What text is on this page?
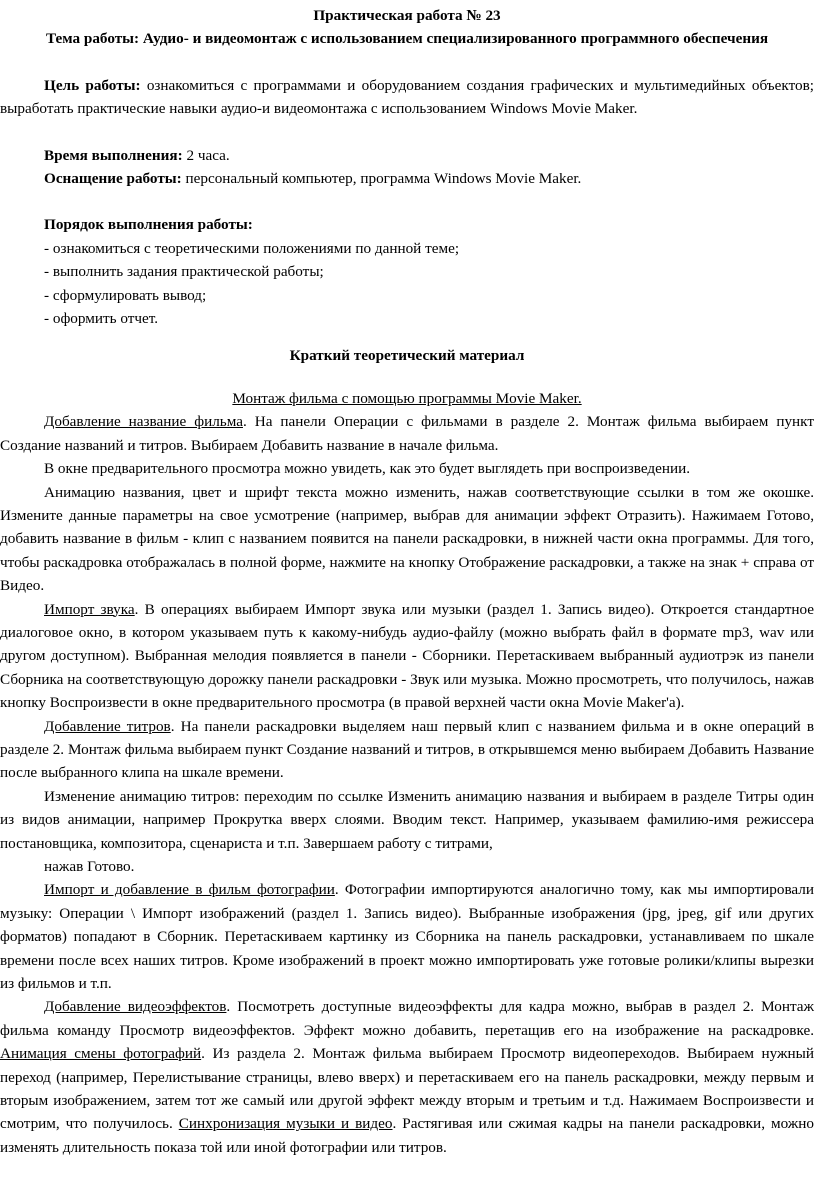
Практическая работа № 23
Тема работы: Аудио- и видеомонтаж с использованием специализированного программного обеспечения

Цель работы: ознакомиться с программами и оборудованием создания графических и мультимедийных объектов; выработать практические навыки аудио-и видеомонтажа с использованием Windows Movie Maker.

Время выполнения: 2 часа.

Оснащение работы: персональный компьютер, программа Windows Movie Maker.

Порядок выполнения работы:

- ознакомиться с теоретическими положениями по данной теме;
- выполнить задания практической работы;
- сформулировать вывод;
- оформить отчет.
Краткий теоретический материал
Монтаж фильма с помощью программы Movie Maker.

Добавление название фильма. На панели Операции с фильмами в разделе 2. Монтаж фильма выбираем пункт Создание названий и титров. Выбираем Добавить название в начале фильма.

В окне предварительного просмотра можно увидеть, как это будет выглядеть при воспроизведении.

Анимацию названия, цвет и шрифт текста можно изменить, нажав соответствующие ссылки в том же окошке. Измените данные параметры на свое усмотрение (например, выбрав для анимации эффект Отразить). Нажимаем Готово, добавить название в фильм - клип с названием появится на панели раскадровки, в нижней части окна программы. Для того, чтобы раскадровка отображалась в полной форме, нажмите на кнопку Отображение раскадровки, а также на знак + справа от Видео.

Импорт звука. В операциях выбираем Импорт звука или музыки (раздел 1. Запись видео). Откроется стандартное диалоговое окно, в котором указываем путь к какому-нибудь аудио-файлу (можно выбрать файл в формате mp3, wav или другом доступном). Выбранная мелодия появляется в панели - Сборники. Перетаскиваем выбранный аудиотрэк из панели Сборника на соответствующую дорожку панели раскадровки - Звук или музыка. Можно просмотреть, что получилось, нажав кнопку Воспроизвести в окне предварительного просмотра (в правой верхней части окна Movie Maker'a).

Добавление титров. На панели раскадровки выделяем наш первый клип с названием фильма и в окне операций в разделе 2. Монтаж фильма выбираем пункт Создание названий и титров, в открывшемся меню выбираем Добавить Название после выбранного клипа на шкале времени.

Изменение анимацию титров: переходим по ссылке Изменить анимацию названия и выбираем в разделе Титры один из видов анимации, например Прокрутка вверх слоями. Вводим текст. Например, указываем фамилию-имя режиссера постановщика, композитора, сценариста и т.п. Завершаем работу с титрами,

нажав Готово.

Импорт и добавление в фильм фотографии. Фотографии импортируются аналогично тому, как мы импортировали музыку: Операции \ Импорт изображений (раздел 1. Запись видео). Выбранные изображения (jpg, jpeg, gif или других форматов) попадают в Сборник. Перетаскиваем картинку из Сборника на панель раскадровки, устанавливаем по шкале времени после всех наших титров. Кроме изображений в проект можно импортировать уже готовые ролики/клипы вырезки из фильмов и т.п.

Добавление видеоэффектов. Посмотреть доступные видеоэффекты для кадра можно, выбрав в раздел 2. Монтаж фильма команду Просмотр видеоэффектов. Эффект можно добавить, перетащив его на изображение на раскадровке. Анимация смены фотографий. Из раздела 2. Монтаж фильма выбираем Просмотр видеопереходов. Выбираем нужный переход (например, Перелистывание страницы, влево вверх) и перетаскиваем его на панель раскадровки, между первым и вторым изображением, затем тот же самый или другой эффект между вторым и третьим и т.д. Нажимаем Воспроизвести и смотрим, что получилось. Синхронизация музыки и видео. Растягивая или сжимая кадры на панели раскадровки, можно изменять длительность показа той или иной фотографии или титров.
